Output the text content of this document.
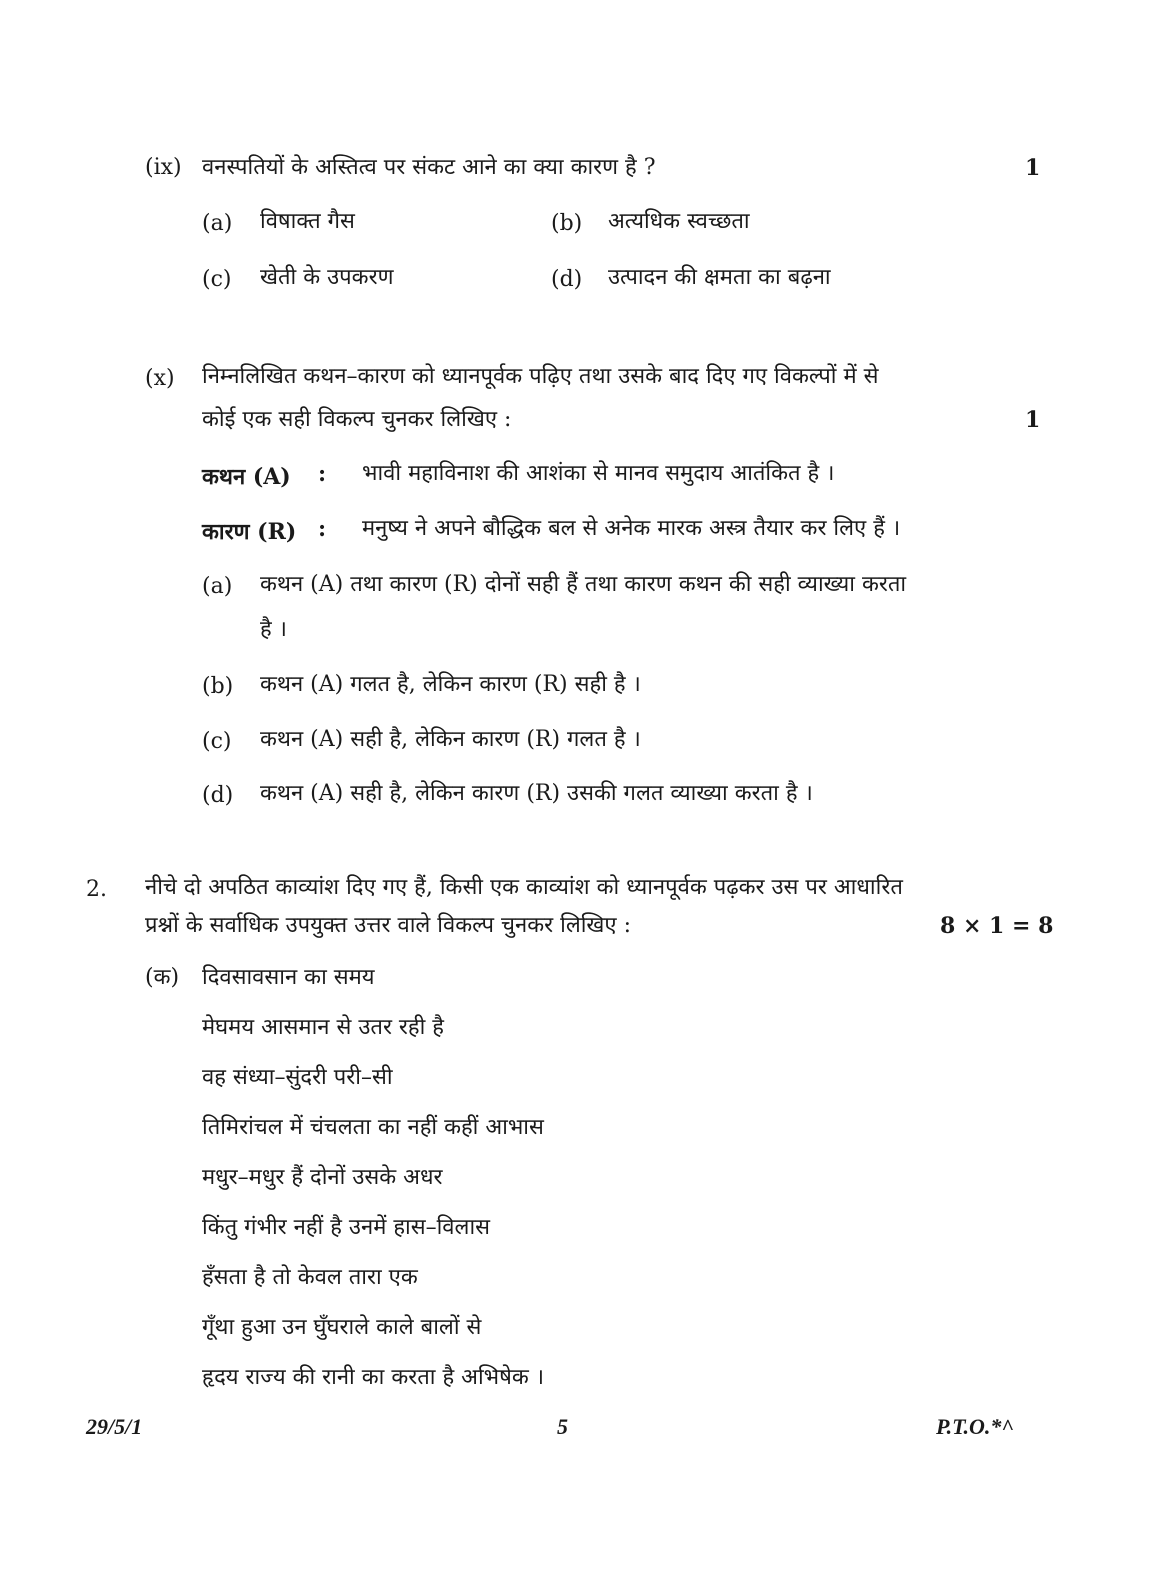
(ix) वनस्पतियों के अस्तित्व पर संकट आने का क्या कारण है ?	1
(a) विषाक्त गैस	(b) अत्यधिक स्वच्छता
(c) खेती के उपकरण	(d) उत्पादन की क्षमता का बढ़ना
(x) निम्नलिखित कथन–कारण को ध्यानपूर्वक पढ़िए तथा उसके बाद दिए गए विकल्पों में से
कोई एक सही विकल्प चुनकर लिखिए :	1
कथन (A) : भावी महाविनाश की आशंका से मानव समुदाय आतंकित है ।
कारण (R) : मनुष्य ने अपने बौद्धिक बल से अनेक मारक अस्त्र तैयार कर लिए हैं ।
(a) कथन (A) तथा कारण (R) दोनों सही हैं तथा कारण कथन की सही व्याख्या करता
है ।
(b) कथन (A) गलत है, लेकिन कारण (R) सही है ।
(c) कथन (A) सही है, लेकिन कारण (R) गलत है ।
(d) कथन (A) सही है, लेकिन कारण (R) उसकी गलत व्याख्या करता है ।
2. नीचे दो अपठित काव्यांश दिए गए हैं, किसी एक काव्यांश को ध्यानपूर्वक पढ़कर उस पर आधारित
प्रश्नों के सर्वाधिक उपयुक्त उत्तर वाले विकल्प चुनकर लिखिए :	8 × 1 = 8
(क) दिवसावसान का समय
मेघमय आसमान से उतर रही है
वह संध्या–सुंदरी परी–सी
तिमिरांचल में चंचलता का नहीं कहीं आभास
मधुर–मधुर हैं दोनों उसके अधर
किंतु गंभीर नहीं है उनमें हास–विलास
हँसता है तो केवल तारा एक
गूँथा हुआ उन घुँघराले काले बालों से
हृदय राज्य की रानी का करता है अभिषेक ।
29/5/1	5	P.T.O.*^
